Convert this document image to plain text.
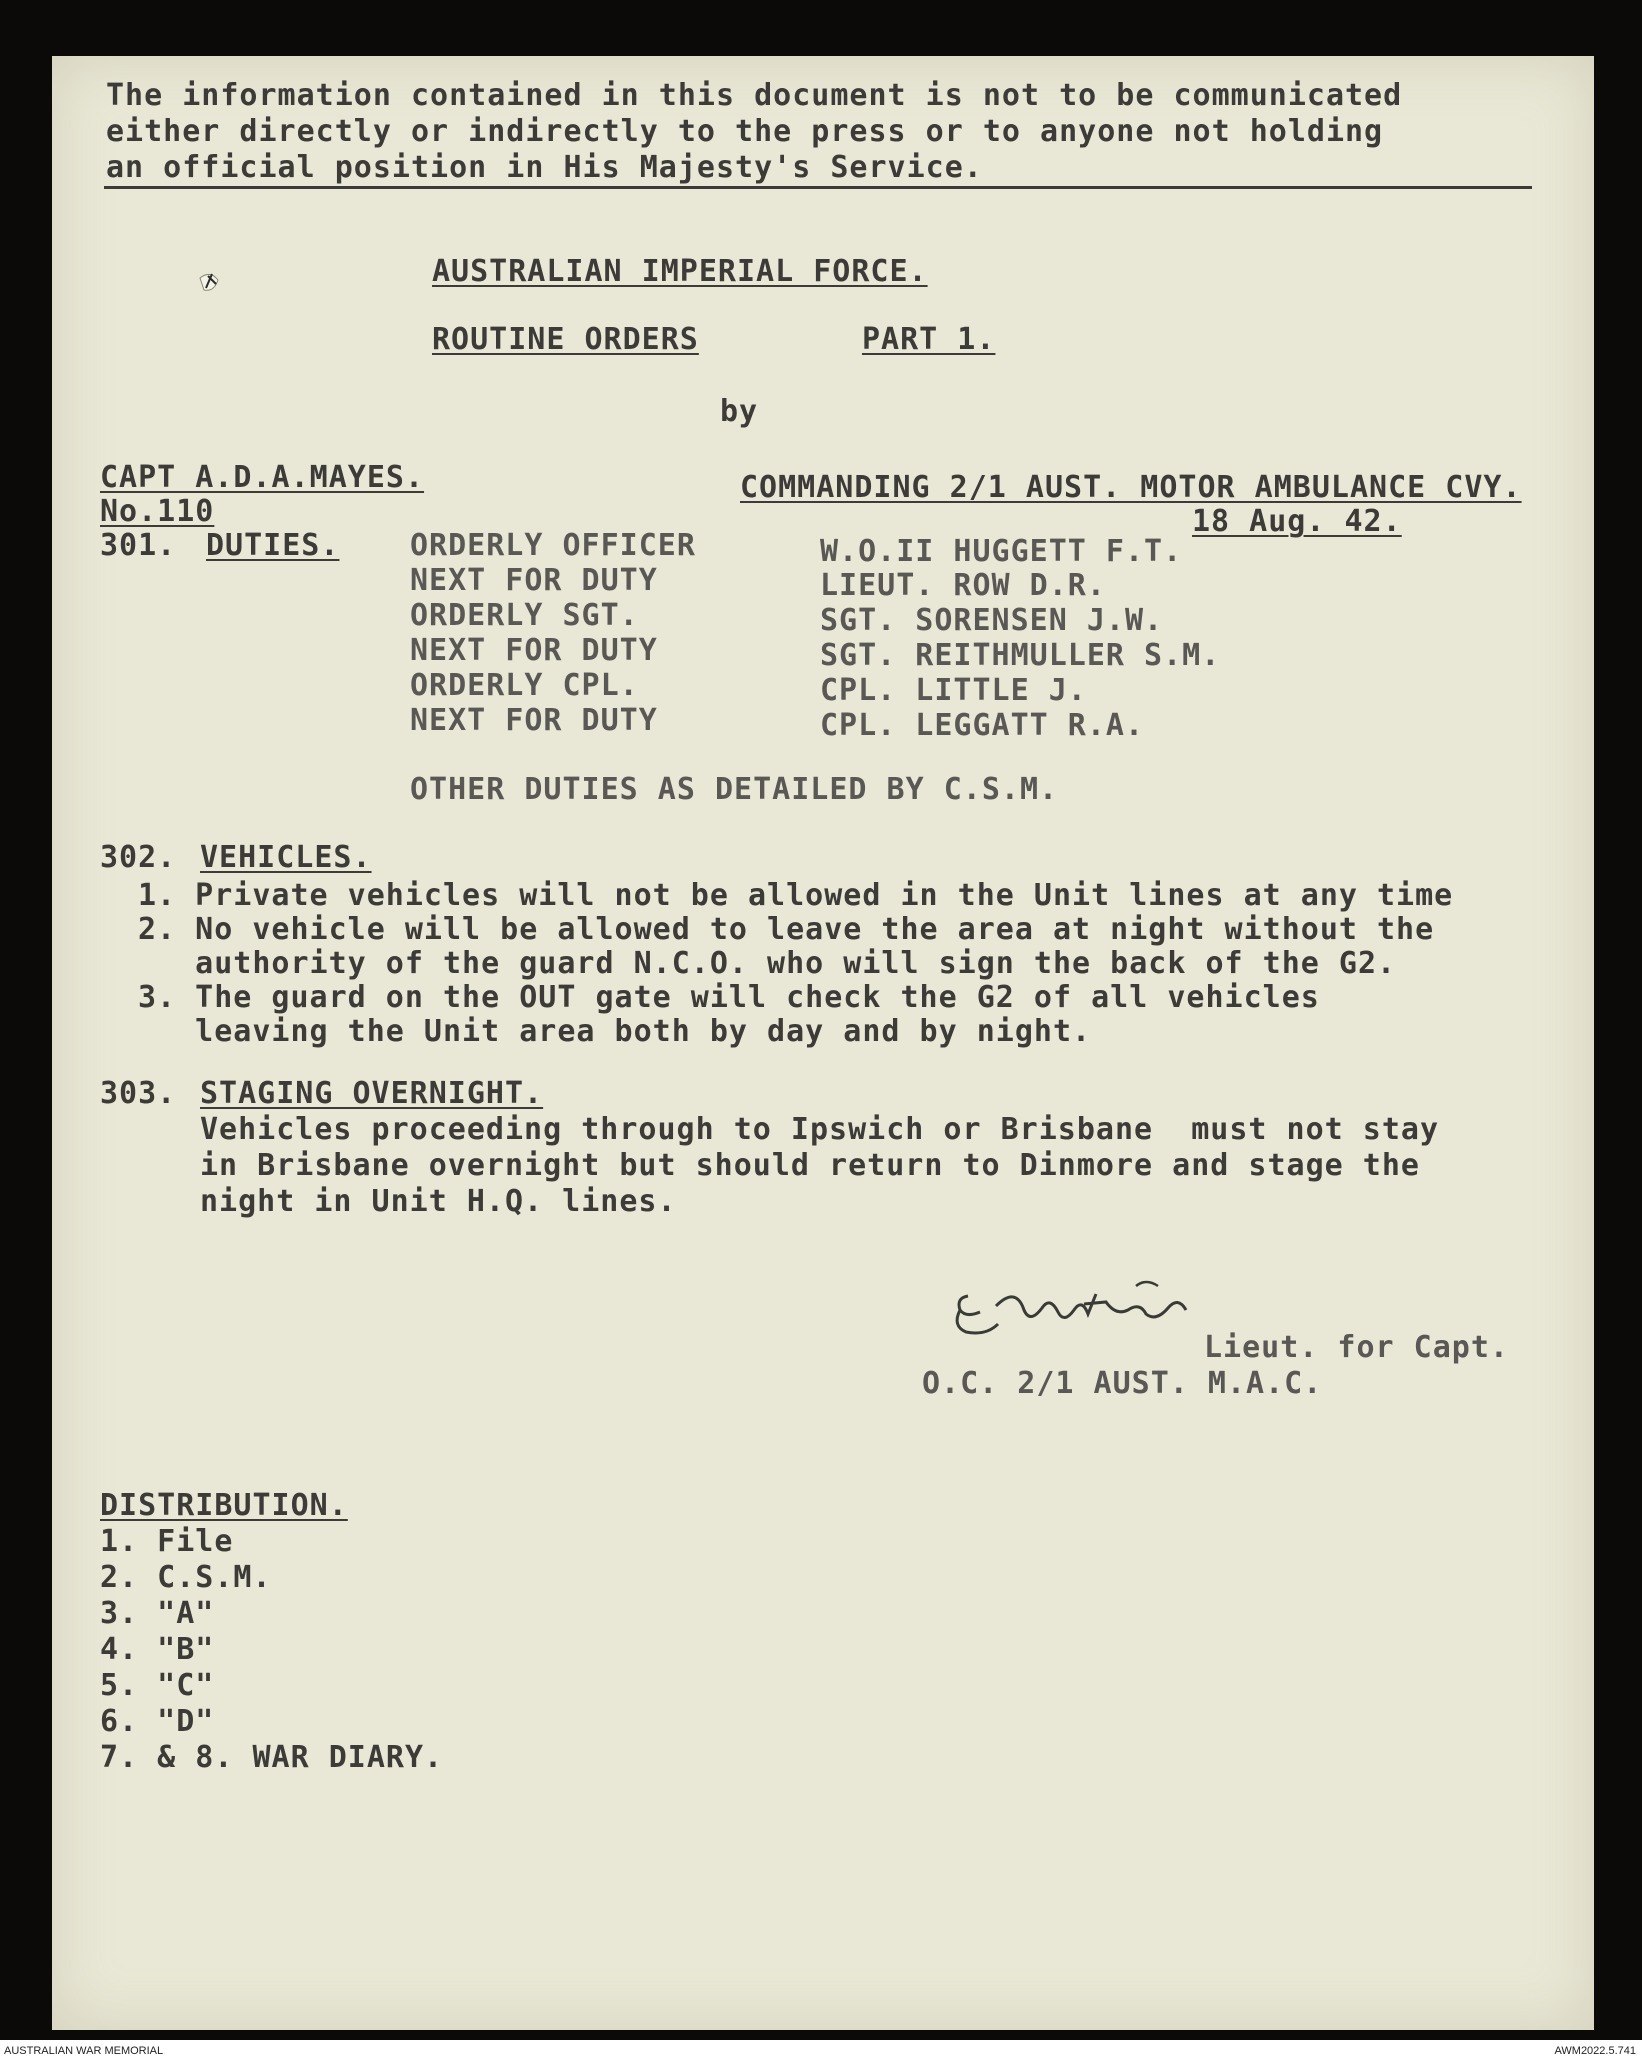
The information contained in this document is not to be communicated
either directly or indirectly to the press or to anyone not holding
an official position in His Majesty's Service.
AUSTRALIAN IMPERIAL FORCE.
ROUTINE ORDERS	PART 1.
by
CAPT A.D.A.MAYES.	COMMANDING 2/1 AUST. MOTOR AMBULANCE CVY.
No.110	18 Aug. 42.
301. DUTIES. ORDERLY OFFICER	W.O.II HUGGETT F.T.
NEXT FOR DUTY	LIEUT. ROW D.R.
ORDERLY SGT.	SGT. SORENSEN J.W.
NEXT FOR DUTY	SGT. REITHMULLER S.M.
ORDERLY CPL.	CPL. LITTLE J.
NEXT FOR DUTY	CPL. LEGGATT R.A.
OTHER DUTIES AS DETAILED BY C.S.M.
302. VEHICLES.
1. Private vehicles will not be allowed in the Unit lines at any time
2. No vehicle will be allowed to leave the area at night without the
authority of the guard N.C.O. who will sign the back of the G2.
3. The guard on the OUT gate will check the G2 of all vehicles
leaving the Unit area both by day and by night.
303. STAGING OVERNIGHT.
Vehicles proceeding through to Ipswich or Brisbane  must not stay
in Brisbane overnight but should return to Dinmore and stage the
night in Unit H.Q. lines.
Lieut. for Capt.
O.C. 2/1 AUST. M.A.C.
DISTRIBUTION.
1. File
2. C.S.M.
3. "A"
4. "B"
5. "C"
6. "D"
7. & 8. WAR DIARY.
AUSTRALIAN WAR MEMORIAL	AWM2022.5.741
